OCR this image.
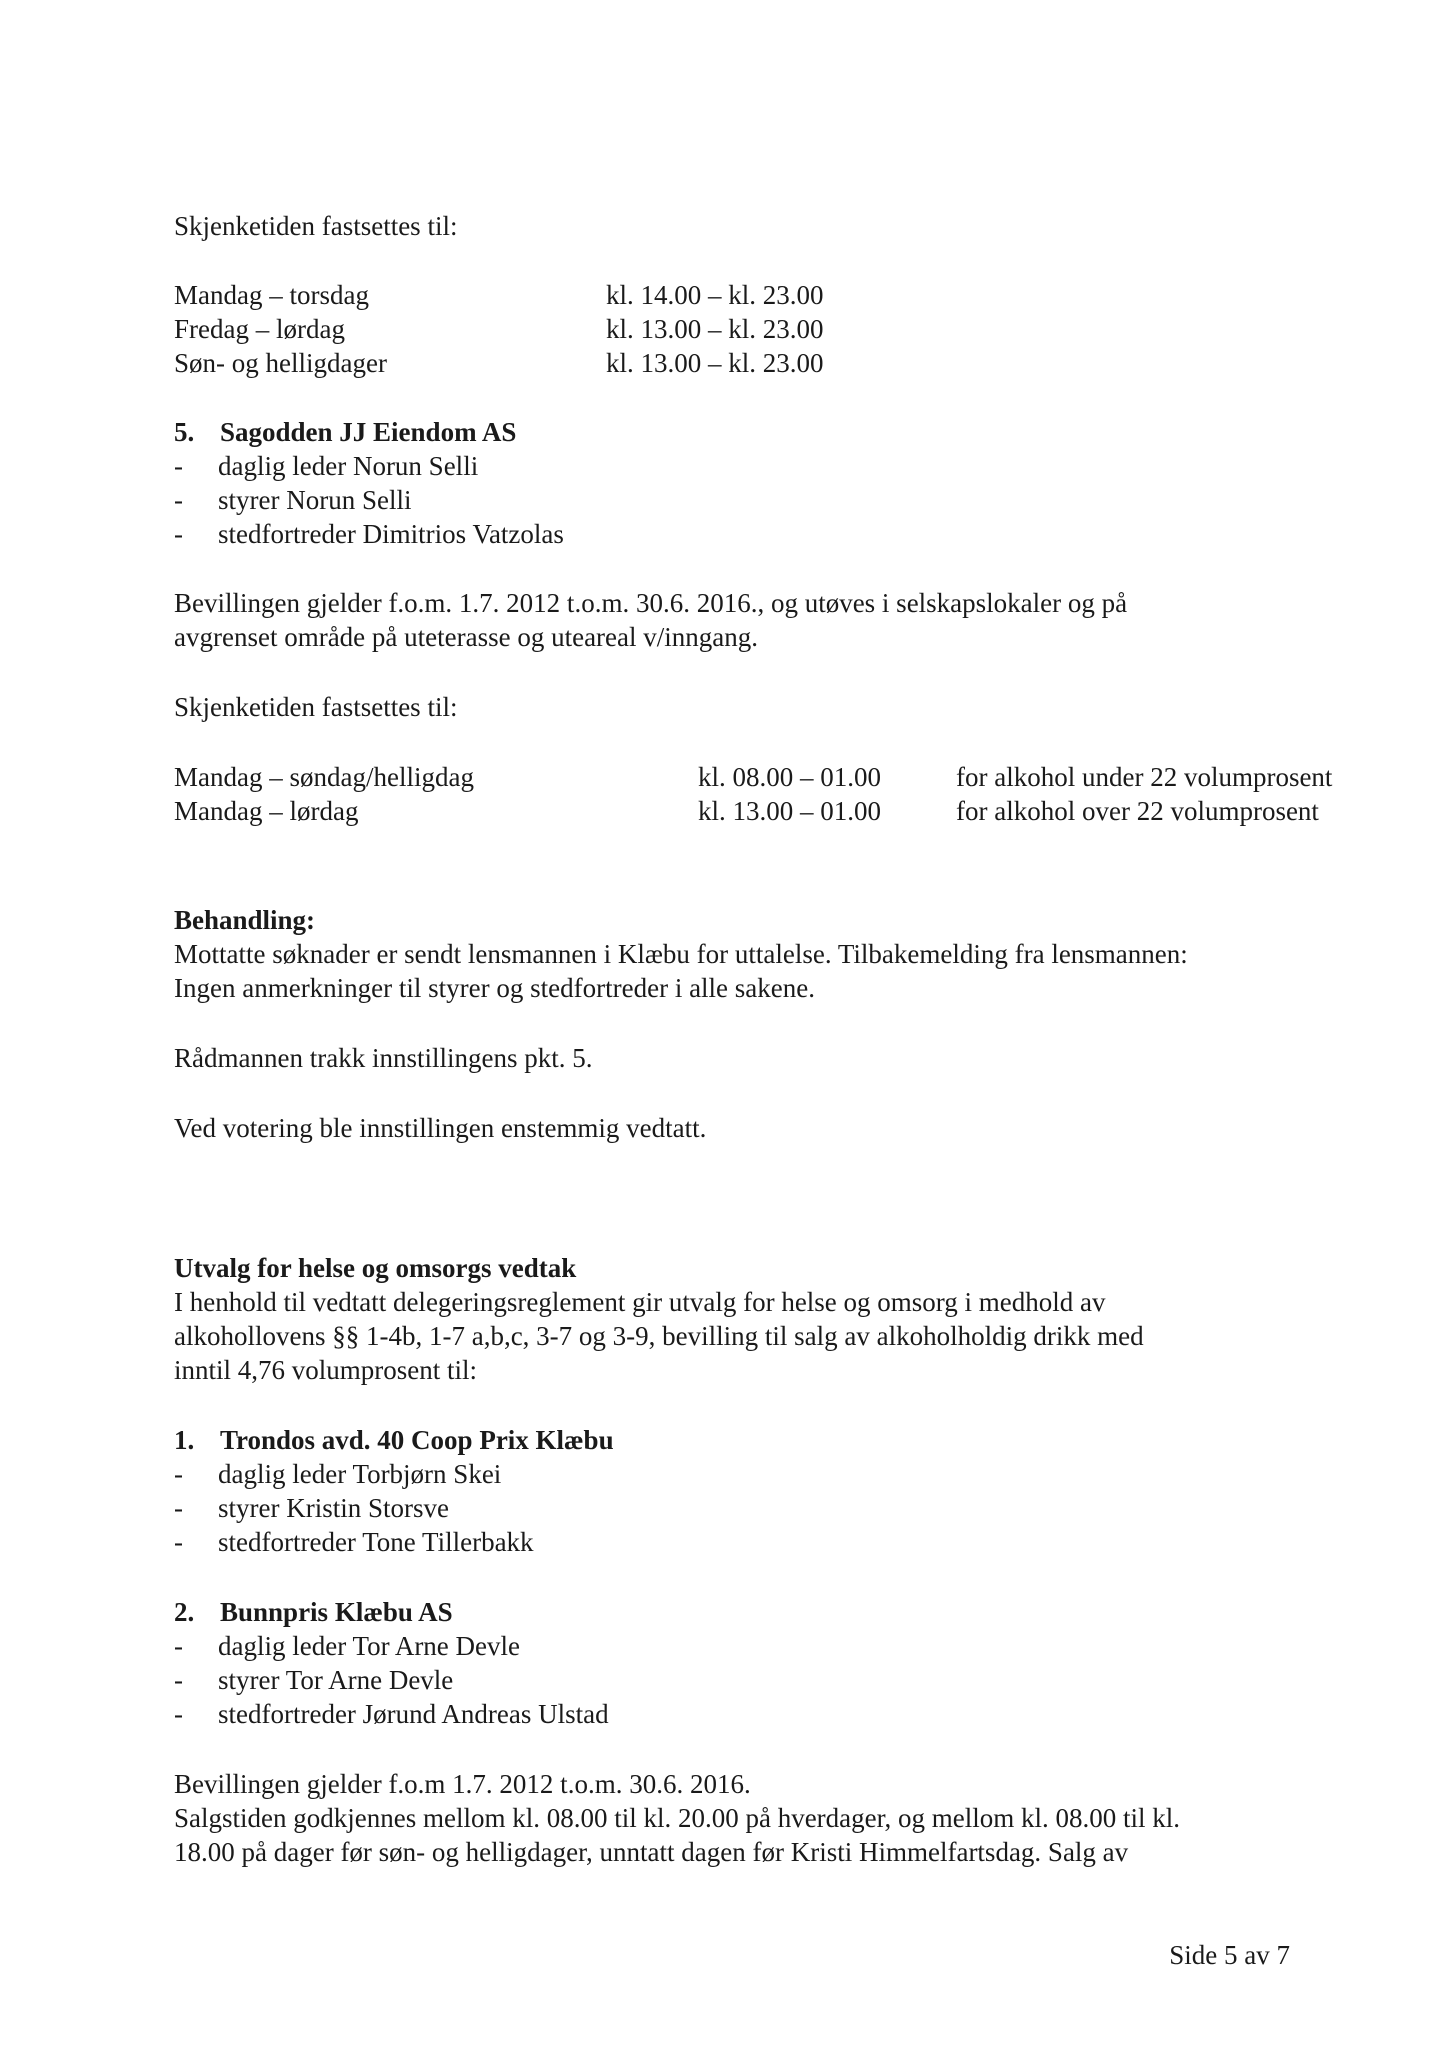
Skjenketiden fastsettes til:
Mandag – torsdag	kl. 14.00 – kl. 23.00
Fredag – lørdag	kl. 13.00 – kl. 23.00
Søn- og helligdager	kl. 13.00 – kl. 23.00
5. Sagodden JJ Eiendom AS
- daglig leder Norun Selli
- styrer Norun Selli
- stedfortreder Dimitrios Vatzolas
Bevillingen gjelder f.o.m. 1.7. 2012 t.o.m. 30.6. 2016., og utøves i selskapslokaler og på
avgrenset område på uteterasse og uteareal v/inngang.
Skjenketiden fastsettes til:
Mandag – søndag/helligdag	kl. 08.00 – 01.00	for alkohol under 22 volumprosent
Mandag – lørdag	kl. 13.00 – 01.00	for alkohol over 22 volumprosent
Behandling:
Mottatte søknader er sendt lensmannen i Klæbu for uttalelse. Tilbakemelding fra lensmannen:
Ingen anmerkninger til styrer og stedfortreder i alle sakene.
Rådmannen trakk innstillingens pkt. 5.
Ved votering ble innstillingen enstemmig vedtatt.
Utvalg for helse og omsorgs vedtak
I henhold til vedtatt delegeringsreglement gir utvalg for helse og omsorg i medhold av
alkohollovens §§ 1-4b, 1-7 a,b,c, 3-7 og 3-9, bevilling til salg av alkoholholdig drikk med
inntil 4,76 volumprosent til:
1. Trondos avd. 40 Coop Prix Klæbu
- daglig leder Torbjørn Skei
- styrer Kristin Storsve
- stedfortreder Tone Tillerbakk
2. Bunnpris Klæbu AS
- daglig leder Tor Arne Devle
- styrer Tor Arne Devle
- stedfortreder Jørund Andreas Ulstad
Bevillingen gjelder f.o.m 1.7. 2012 t.o.m. 30.6. 2016.
Salgstiden godkjennes mellom kl. 08.00 til kl. 20.00 på hverdager, og mellom kl. 08.00 til kl.
18.00 på dager før søn- og helligdager, unntatt dagen før Kristi Himmelfartsdag. Salg av
Side 5 av 7
